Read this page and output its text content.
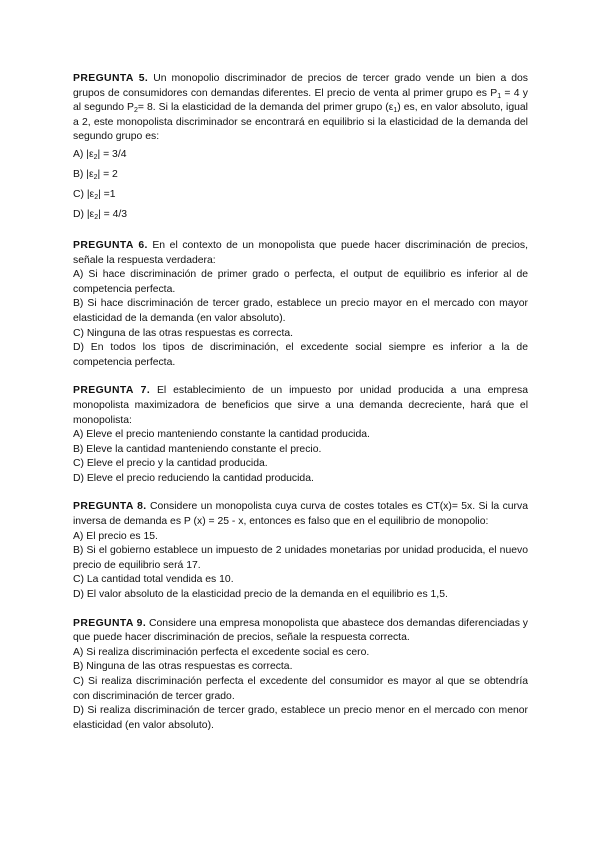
PREGUNTA 5. Un monopolio discriminador de precios de tercer grado vende un bien a dos grupos de consumidores con demandas diferentes. El precio de venta al primer grupo es $P_1 = 4$ y al segundo $P_2= 8$. Si la elasticidad de la demanda del primer grupo $(\varepsilon_1)$ es, en valor absoluto, igual a 2, este monopolista discriminador se encontrará en equilibrio si la elasticidad de la demanda del segundo grupo es:
A) $|\varepsilon_2| = 3/4$
B) $|\varepsilon_2| = 2$
C) $|\varepsilon_2| =1$
D) $|\varepsilon_2| = 4/3$
PREGUNTA 6. En el contexto de un monopolista que puede hacer discriminación de precios, señale la respuesta verdadera:
A) Si hace discriminación de primer grado o perfecta, el output de equilibrio es inferior al de competencia perfecta.
B) Si hace discriminación de tercer grado, establece un precio mayor en el mercado con mayor elasticidad de la demanda (en valor absoluto).
C) Ninguna de las otras respuestas es correcta.
D) En todos los tipos de discriminación, el excedente social siempre es inferior a la de competencia perfecta.
PREGUNTA 7. El establecimiento de un impuesto por unidad producida a una empresa monopolista maximizadora de beneficios que sirve a una demanda decreciente, hará que el monopolista:
A) Eleve el precio manteniendo constante la cantidad producida.
B) Eleve la cantidad manteniendo constante el precio.
C) Eleve el precio y la cantidad producida.
D) Eleve el precio reduciendo la cantidad producida.
PREGUNTA 8. Considere un monopolista cuya curva de costes totales es CT(x)= 5x. Si la curva inversa de demanda es P (x) = 25 - x, entonces es falso que en el equilibrio de monopolio:
A) El precio es 15.
B) Si el gobierno establece un impuesto de 2 unidades monetarias por unidad producida, el nuevo precio de equilibrio será 17.
C) La cantidad total vendida es 10.
D) El valor absoluto de la elasticidad precio de la demanda en el equilibrio es 1,5.
PREGUNTA 9. Considere una empresa monopolista que abastece dos demandas diferenciadas y que puede hacer discriminación de precios, señale la respuesta correcta.
A) Si realiza discriminación perfecta el excedente social es cero.
B) Ninguna de las otras respuestas es correcta.
C) Si realiza discriminación perfecta el excedente del consumidor es mayor al que se obtendría con discriminación de tercer grado.
D) Si realiza discriminación de tercer grado, establece un precio menor en el mercado con menor elasticidad (en valor absoluto).
